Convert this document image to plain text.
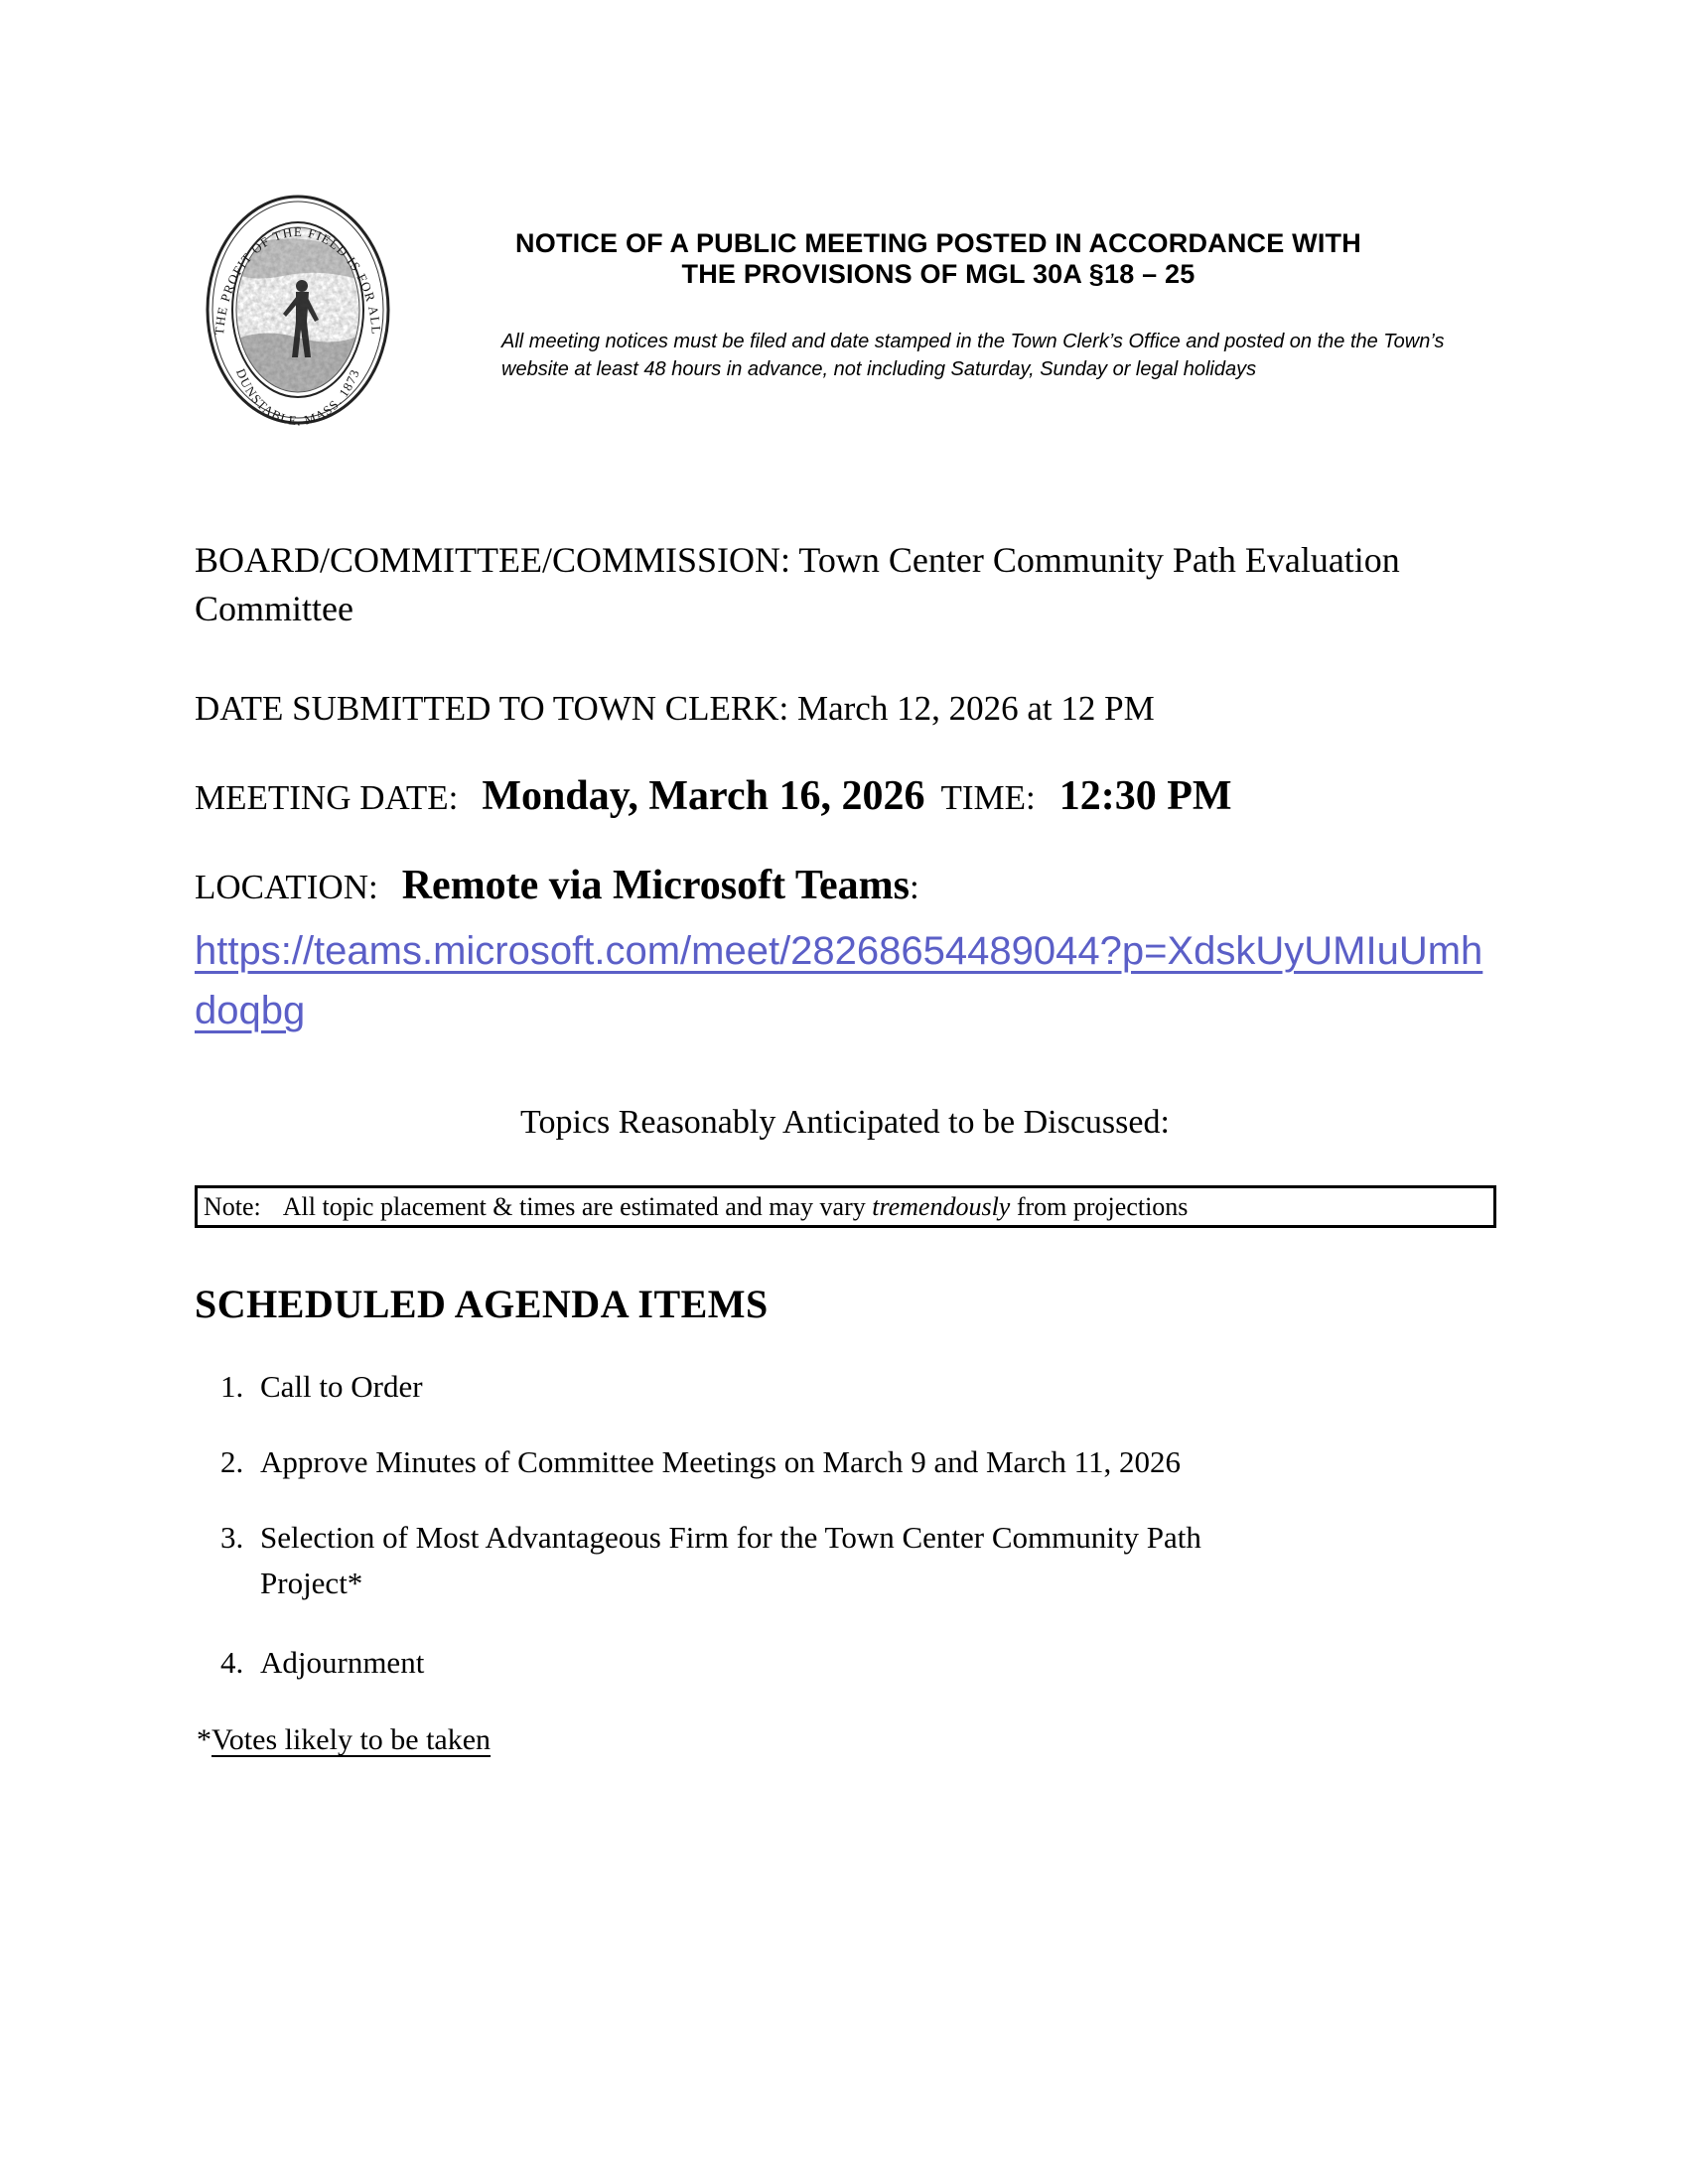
THE PROFIT OF THE FIELD IS FOR ALL
DUNSTABLE, MASS. 1873
NOTICE OF A PUBLIC MEETING POSTED IN ACCORDANCE WITH
THE PROVISIONS OF MGL 30A §18 – 25
All meeting notices must be filed and date stamped in the Town Clerk’s Office and posted on the the Town’s website at least 48 hours in advance, not including Saturday, Sunday or legal holidays
BOARD/COMMITTEE/COMMISSION: Town Center Community Path Evaluation Committee
DATE SUBMITTED TO TOWN CLERK: March 12, 2026 at 12 PM
MEETING DATE: Monday, March 16, 2026 TIME: 12:30 PM
LOCATION: Remote via Microsoft Teams:
https://teams.microsoft.com/meet/28268654489044?p=XdskUyUMIuUmhdoqbg
Topics Reasonably Anticipated to be Discussed:
Note: All topic placement & times are estimated and may vary tremendously from projections
SCHEDULED AGENDA ITEMS
1. Call to Order
2. Approve Minutes of Committee Meetings on March 9 and March 11, 2026
3. Selection of Most Advantageous Firm for the Town Center Community Path Project*
4. Adjournment
*Votes likely to be taken
